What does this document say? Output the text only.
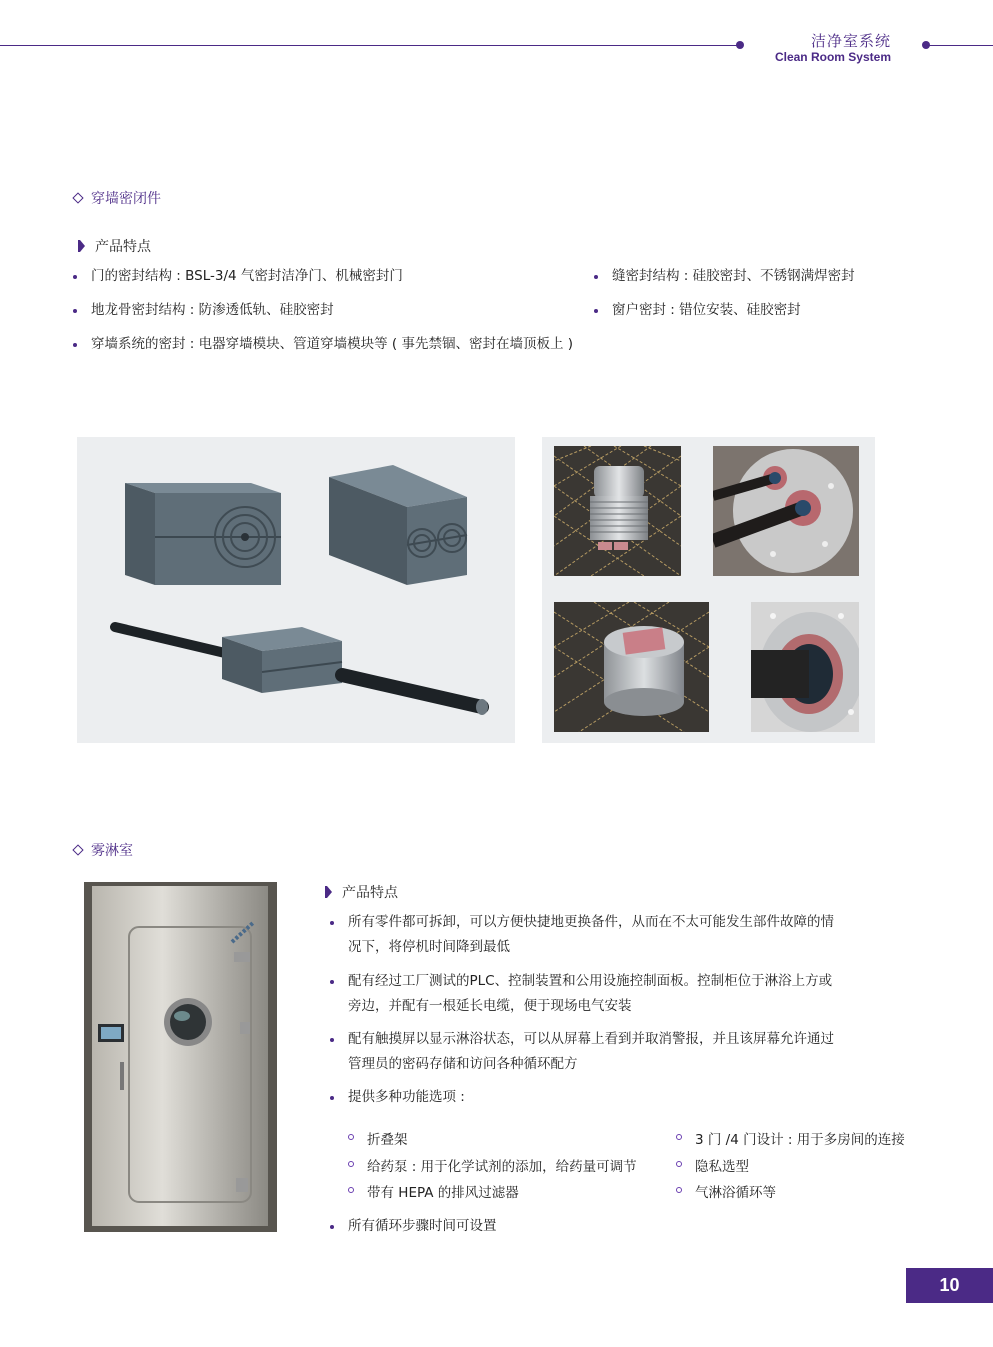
洁净室系统
Clean Room System
穿墙密闭件
产品特点
门的密封结构 : BSL-3/4 气密封洁净门、机械密封门
地龙骨密封结构 : 防渗透低轨、硅胶密封
穿墙系统的密封 : 电器穿墙模块、管道穿墙模块等 ( 事先禁锢、密封在墙顶板上 )
缝密封结构 : 硅胶密封、不锈钢满焊密封
窗户密封 : 错位安装、硅胶密封
雾淋室
产品特点
所有零件都可拆卸，可以方便快捷地更换备件，从而在不太可能发生部件故障的情
况下，将停机时间降到最低
配有经过工厂测试的PLC、控制装置和公用设施控制面板。控制柜位于淋浴上方或
旁边，并配有一根延长电缆，便于现场电气安装
配有触摸屏以显示淋浴状态，可以从屏幕上看到并取消警报，并且该屏幕允许通过
管理员的密码存储和访问各种循环配方
提供多种功能选项 :
折叠架
给药泵 : 用于化学试剂的添加，给药量可调节
带有 HEPA 的排风过滤器
3 门 /4 门设计 : 用于多房间的连接
隐私选型
气淋浴循环等
所有循环步骤时间可设置
10
